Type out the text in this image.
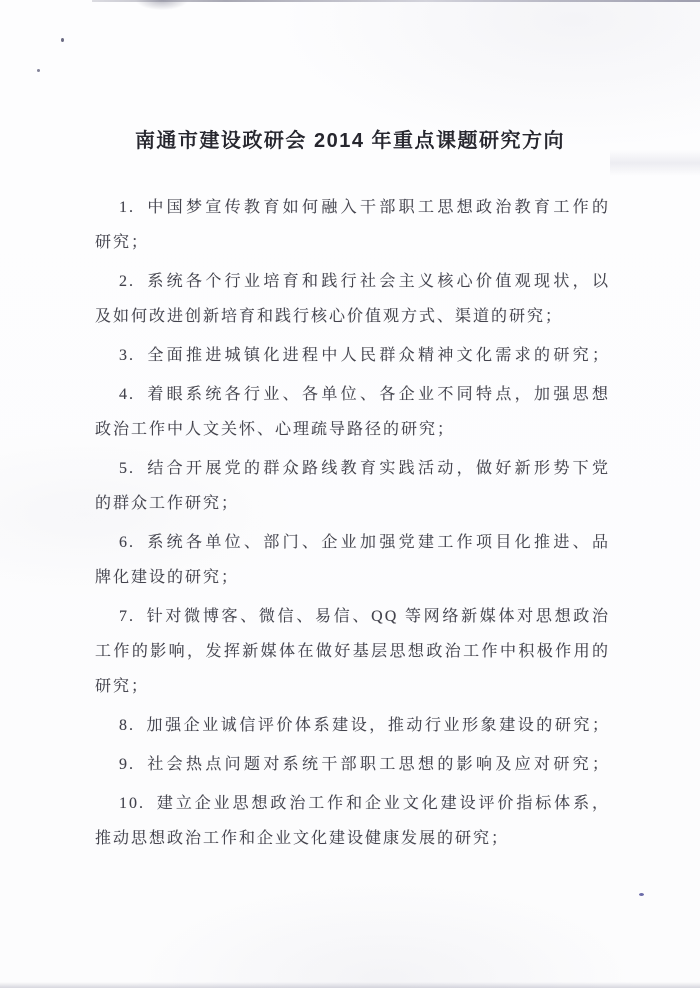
南通市建设政研会 2014 年重点课题研究方向

1. 中国梦宣传教育如何融入干部职工思想政治教育工作的
研究；

2. 系统各个行业培育和践行社会主义核心价值观现状，以
及如何改进创新培育和践行核心价值观方式、渠道的研究；

3. 全面推进城镇化进程中人民群众精神文化需求的研究；

4. 着眼系统各行业、各单位、各企业不同特点，加强思想
政治工作中人文关怀、心理疏导路径的研究；

5. 结合开展党的群众路线教育实践活动，做好新形势下党
的群众工作研究；

6. 系统各单位、部门、企业加强党建工作项目化推进、品
牌化建设的研究；

7. 针对微博客、微信、易信、QQ 等网络新媒体对思想政治
工作的影响，发挥新媒体在做好基层思想政治工作中积极作用的
研究；

8. 加强企业诚信评价体系建设，推动行业形象建设的研究；

9. 社会热点问题对系统干部职工思想的影响及应对研究；

10. 建立企业思想政治工作和企业文化建设评价指标体系，
推动思想政治工作和企业文化建设健康发展的研究；
